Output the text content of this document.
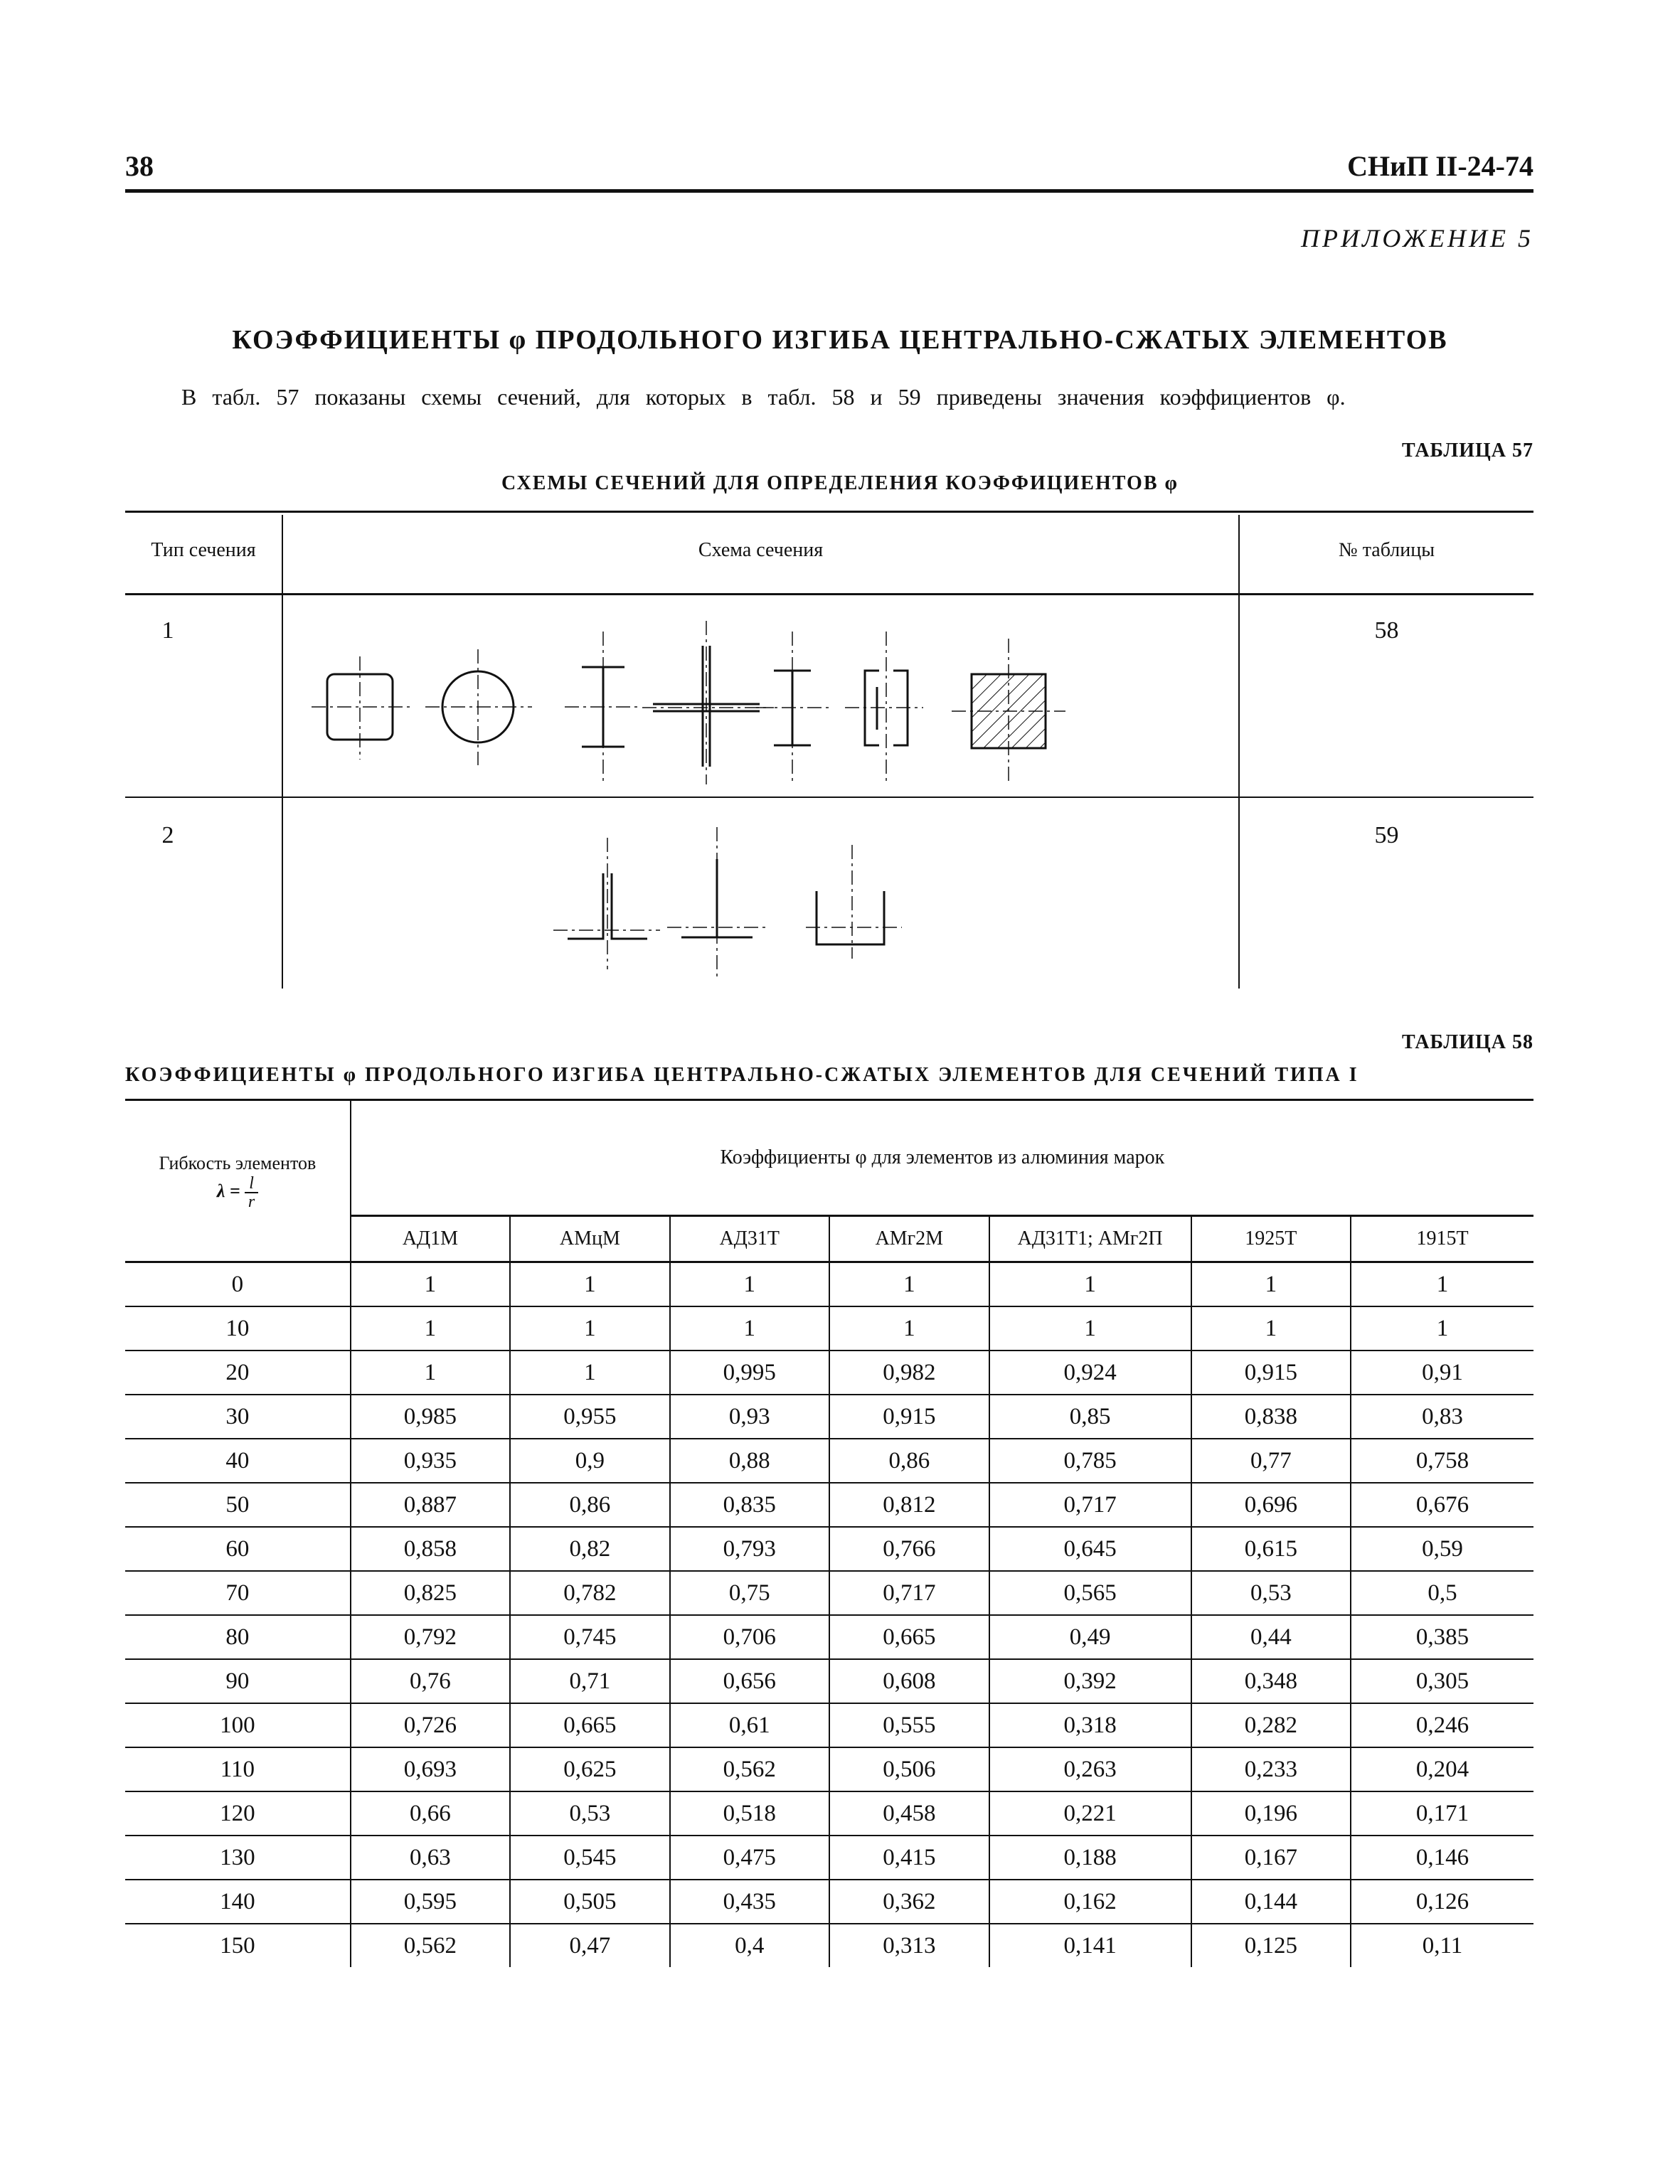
38	СНиП II-24-74
ПРИЛОЖЕНИЕ 5
КОЭФФИЦИЕНТЫ φ ПРОДОЛЬНОГО ИЗГИБА ЦЕНТРАЛЬНО-СЖАТЫХ ЭЛЕМЕНТОВ
В табл. 57 показаны схемы сечений, для которых в табл. 58 и 59 приведены значения коэффициентов φ.
ТАБЛИЦА 57
СХЕМЫ СЕЧЕНИЙ ДЛЯ ОПРЕДЕЛЕНИЯ КОЭФФИЦИЕНТОВ φ
Тип сечения	Схема сечения	№ таблицы
1	58
2	59
ТАБЛИЦА 58
КОЭФФИЦИЕНТЫ φ ПРОДОЛЬНОГО ИЗГИБА ЦЕНТРАЛЬНО-СЖАТЫХ ЭЛЕМЕНТОВ ДЛЯ СЕЧЕНИЙ ТИПА I
Гибкость элементов
$\lambda = \frac{l}{r}$	Коэффициенты φ для элементов из алюминия марок						
	АД1М	АМцМ	АД31Т	АМг2М	АД31Т1; АМг2П	1925Т	1915Т
0	1	1	1	1	1	1	1
10	1	1	1	1	1	1	1
20	1	1	0,995	0,982	0,924	0,915	0,91
30	0,985	0,955	0,93	0,915	0,85	0,838	0,83
40	0,935	0,9	0,88	0,86	0,785	0,77	0,758
50	0,887	0,86	0,835	0,812	0,717	0,696	0,676
60	0,858	0,82	0,793	0,766	0,645	0,615	0,59
70	0,825	0,782	0,75	0,717	0,565	0,53	0,5
80	0,792	0,745	0,706	0,665	0,49	0,44	0,385
90	0,76	0,71	0,656	0,608	0,392	0,348	0,305
100	0,726	0,665	0,61	0,555	0,318	0,282	0,246
110	0,693	0,625	0,562	0,506	0,263	0,233	0,204
120	0,66	0,53	0,518	0,458	0,221	0,196	0,171
130	0,63	0,545	0,475	0,415	0,188	0,167	0,146
140	0,595	0,505	0,435	0,362	0,162	0,144	0,126
150	0,562	0,47	0,4	0,313	0,141	0,125	0,11
